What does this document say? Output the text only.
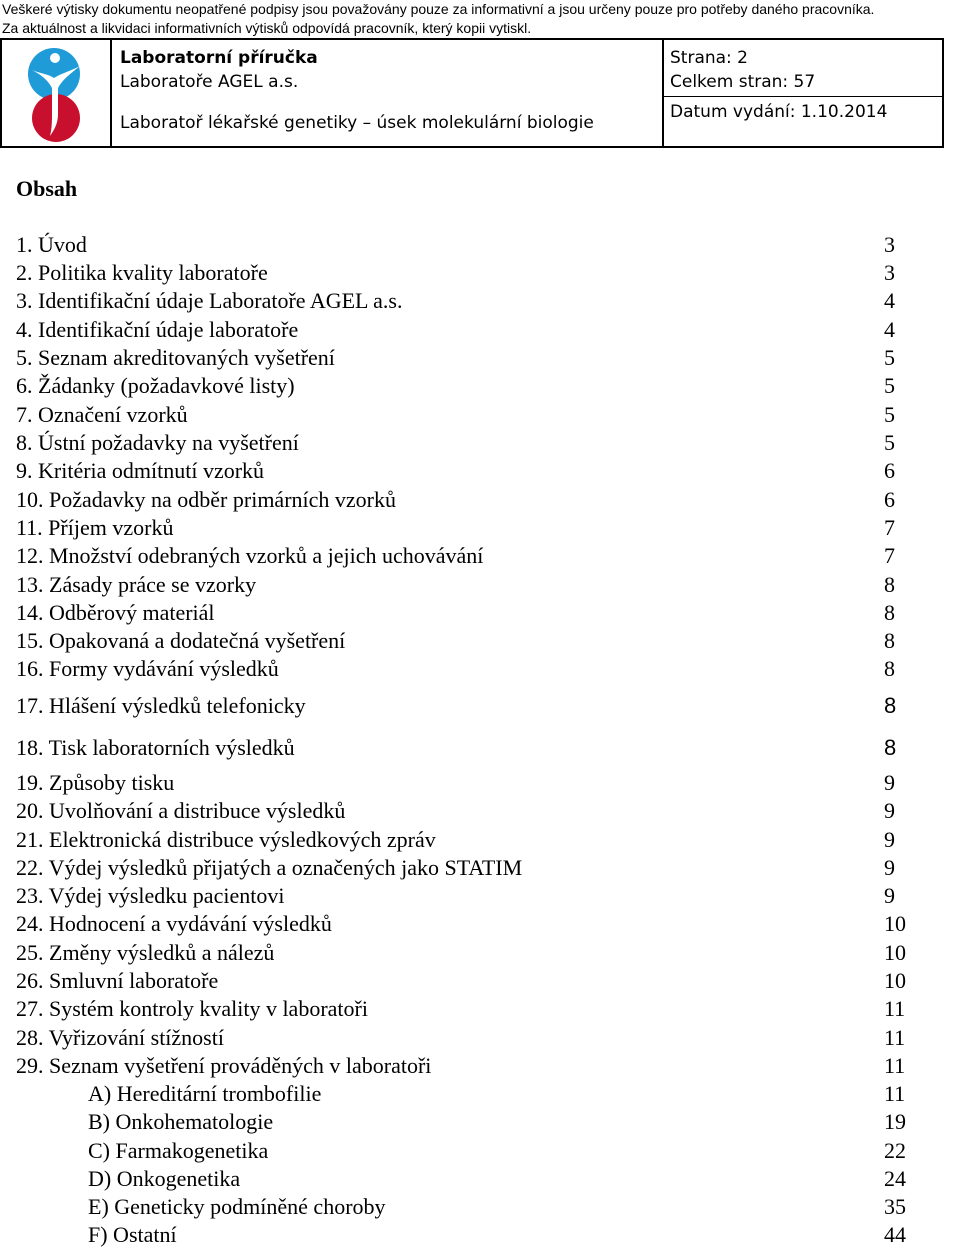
Veškeré výtisky dokumentu neopatřené podpisy jsou považovány pouze za informativní a jsou určeny pouze pro potřeby daného pracovníka.
Za aktuálnost a likvidaci informativních výtisků odpovídá pracovník, který kopii vytiskl.
Laboratorní příručka
Laboratoře AGEL a.s.
Laboratoř lékařské genetiky – úsek molekulární biologie
Strana: 2
Celkem stran: 57
Datum vydání: 1.10.2014
Obsah
1. Úvod	3
2. Politika kvality laboratoře	3
3. Identifikační údaje Laboratoře AGEL a.s.	4
4. Identifikační údaje laboratoře	4
5. Seznam akreditovaných vyšetření	5
6. Žádanky (požadavkové listy)	5
7. Označení vzorků	5
8. Ústní požadavky na vyšetření	5
9. Kritéria odmítnutí vzorků	6
10. Požadavky na odběr primárních vzorků	6
11. Příjem vzorků	7
12. Množství odebraných vzorků a jejich uchovávání	7
13. Zásady práce se vzorky	8
14. Odběrový materiál	8
15. Opakovaná a dodatečná vyšetření	8
16. Formy vydávání výsledků	8
17. Hlášení výsledků telefonicky	8
18. Tisk laboratorních výsledků	8
19. Způsoby tisku	9
20. Uvolňování a distribuce výsledků	9
21. Elektronická distribuce výsledkových zpráv	9
22. Výdej výsledků přijatých a označených jako STATIM	9
23. Výdej výsledku pacientovi	9
24. Hodnocení a vydávání výsledků	10
25. Změny výsledků a nálezů	10
26. Smluvní laboratoře	10
27. Systém kontroly kvality v laboratoři	11
28. Vyřizování stížností	11
29. Seznam vyšetření prováděných v laboratoři	11
A) Hereditární trombofilie	11
B) Onkohematologie	19
C) Farmakogenetika	22
D) Onkogenetika	24
E) Geneticky podmíněné choroby	35
F) Ostatní	44
